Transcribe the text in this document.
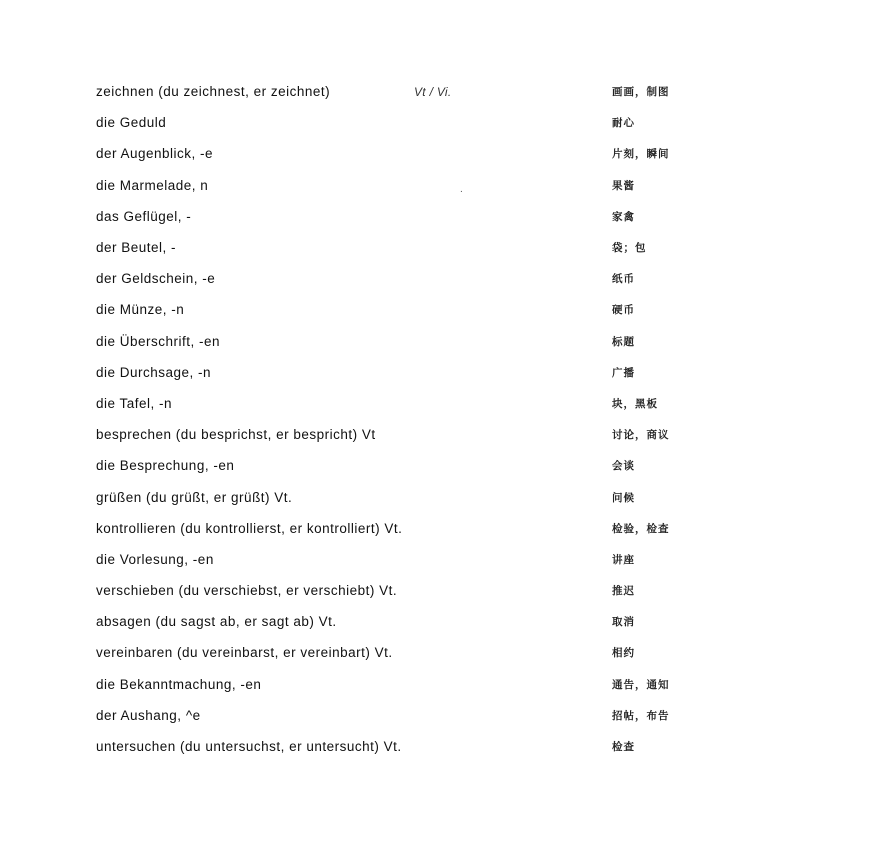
zeichnen (du zeichnest, er zeichnet)	Vt / Vi.	画画，制图
die Geduld	耐心
der Augenblick, -e	片刻，瞬间
die Marmelade, n	.	果酱
das Geflügel, -	家禽
der Beutel, -	袋；包
der Geldschein, -e	纸币
die Münze, -n	硬币
die Überschrift, -en	标题
die Durchsage, -n	广播
die Tafel, -n	块，黑板
besprechen (du besprichst, er bespricht) Vt	讨论，商议
die Besprechung, -en	会谈
grüßen (du grüßt, er grüßt) Vt.	问候
kontrollieren (du kontrollierst, er kontrolliert) Vt.	检验，检查
die Vorlesung, -en	讲座
verschieben (du verschiebst, er verschiebt) Vt.	推迟
absagen (du sagst ab, er sagt ab) Vt.	取消
vereinbaren (du vereinbarst, er vereinbart) Vt.	相约
die Bekanntmachung, -en	通告，通知
der Aushang, ^e	招帖，布告
untersuchen (du untersuchst, er untersucht) Vt.	检查
